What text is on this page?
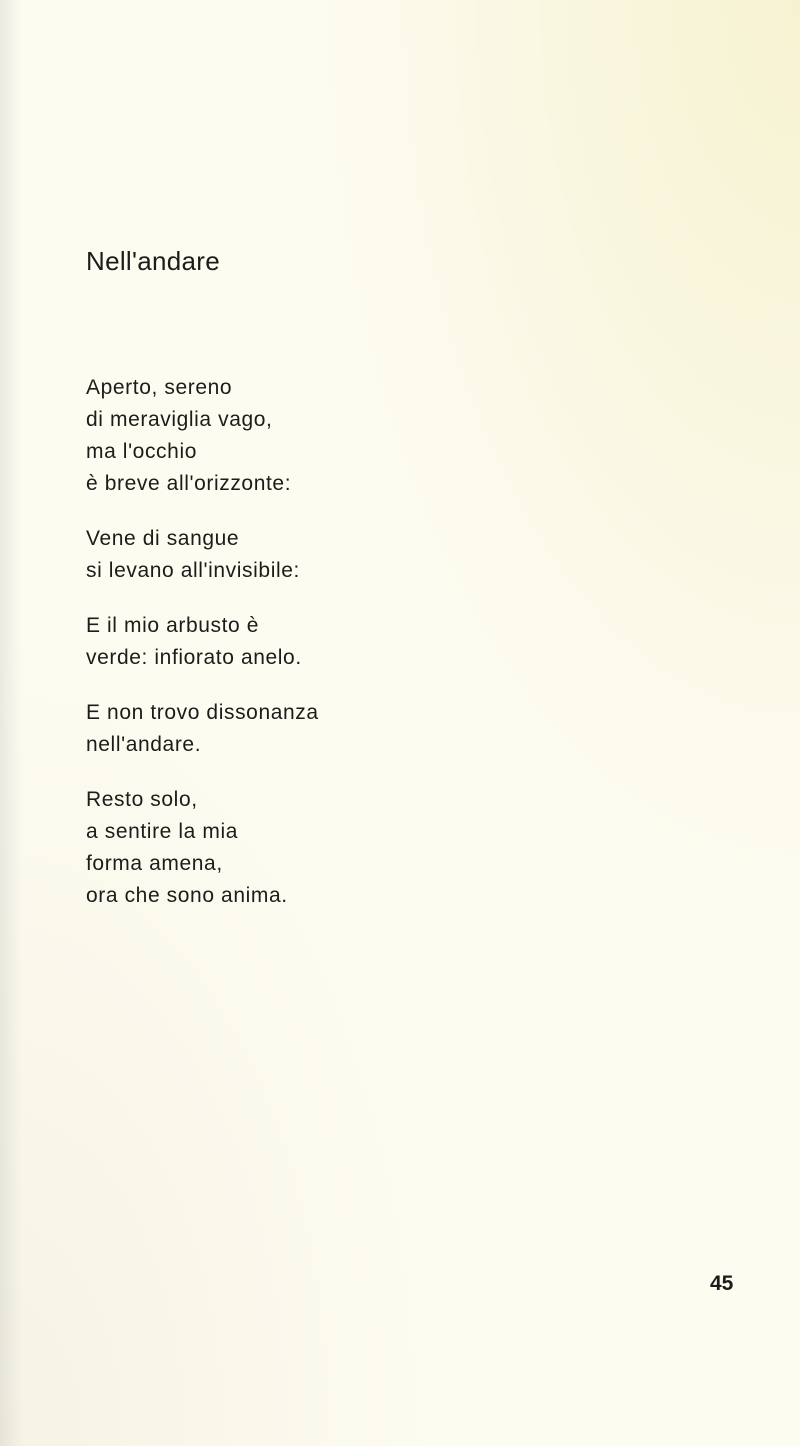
Nell'andare

Aperto, sereno
di meraviglia vago,
ma l'occhio
è breve all'orizzonte:

Vene di sangue
si levano all'invisibile:

E il mio arbusto è
verde: infiorato anelo.

E non trovo dissonanza
nell'andare.

Resto solo,
a sentire la mia
forma amena,
ora che sono anima.

45
